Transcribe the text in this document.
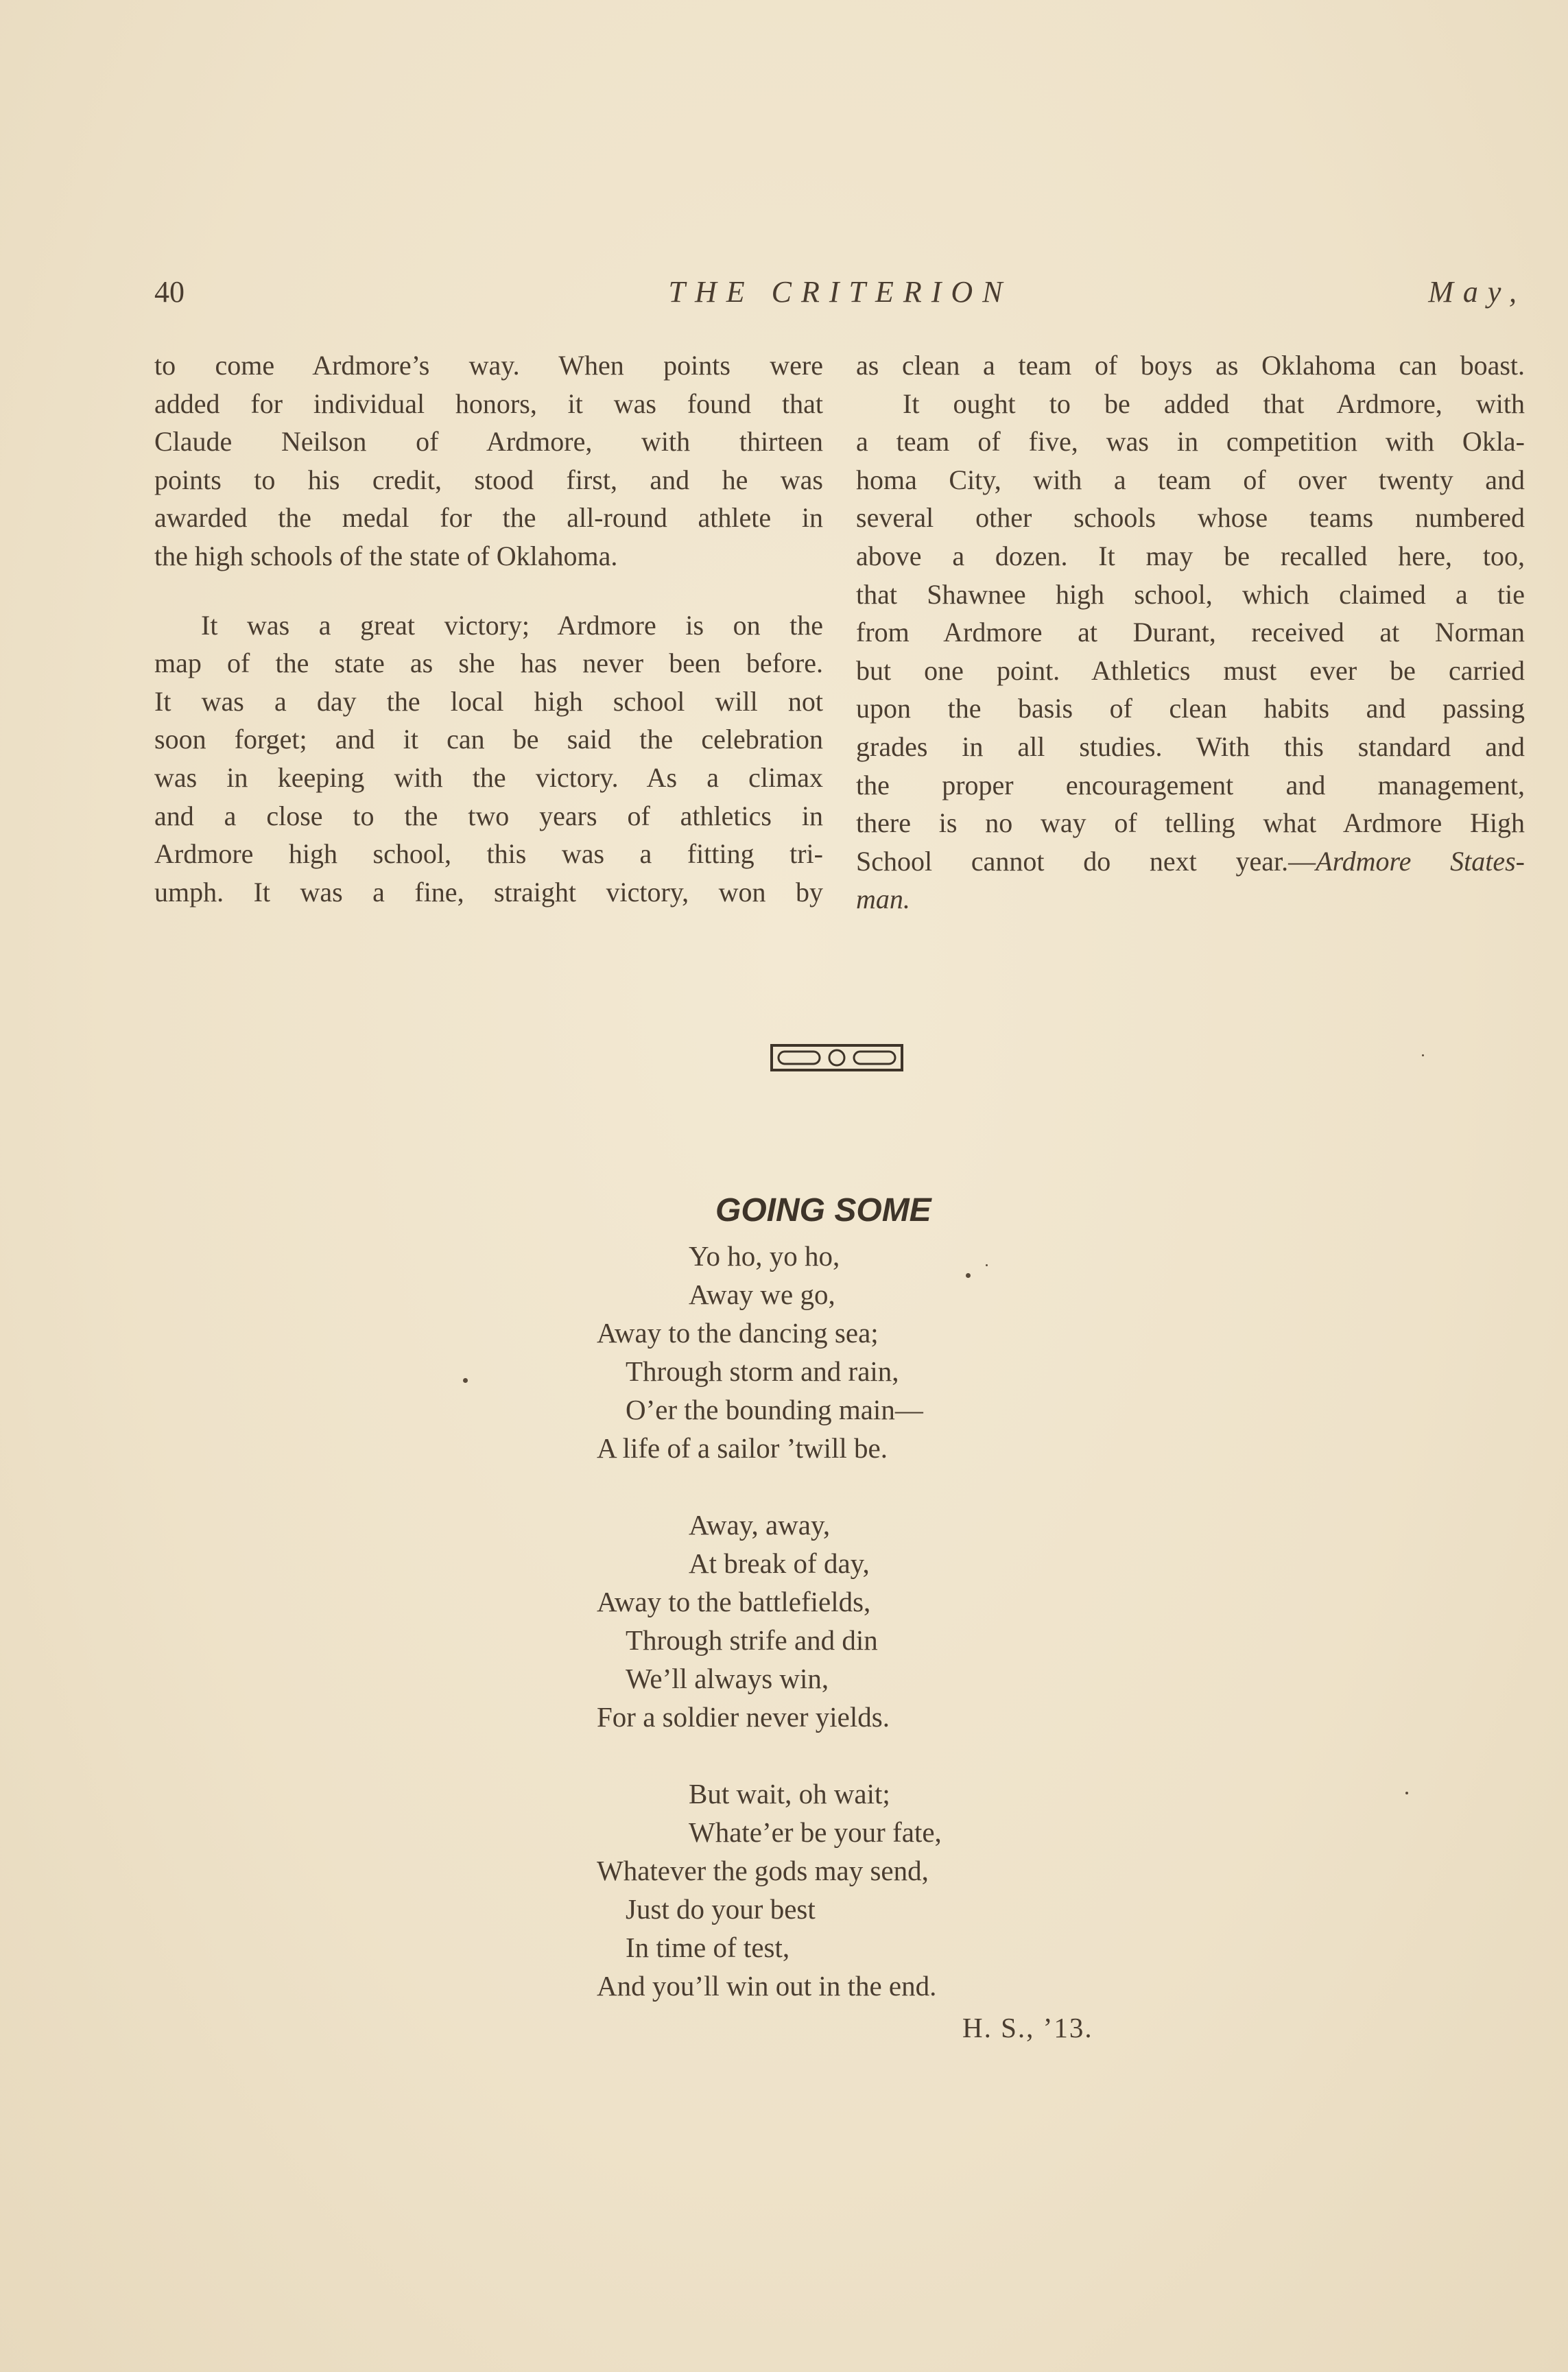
40	THE CRITERION	May,
to come Ardmore’s way. When points were
added for individual honors, it was found that
Claude Neilson of Ardmore, with thirteen
points to his credit, stood first, and he was
awarded the medal for the all-round athlete in
the high schools of the state of Oklahoma.
It was a great victory; Ardmore is on the
map of the state as she has never been before.
It was a day the local high school will not
soon forget; and it can be said the celebration
was in keeping with the victory. As a climax
and a close to the two years of athletics in
Ardmore high school, this was a fitting tri-
umph. It was a fine, straight victory, won by
as clean a team of boys as Oklahoma can boast.
It ought to be added that Ardmore, with
a team of five, was in competition with Okla-
homa City, with a team of over twenty and
several other schools whose teams numbered
above a dozen. It may be recalled here, too,
that Shawnee high school, which claimed a tie
from Ardmore at Durant, received at Norman
but one point. Athletics must ever be carried
upon the basis of clean habits and passing
grades in all studies. With this standard and
the proper encouragement and management,
there is no way of telling what Ardmore High
School cannot do next year.—Ardmore States-
man.
GOING SOME
Yo ho, yo ho,
Away we go,
Away to the dancing sea;
Through storm and rain,
O’er the bounding main—
A life of a sailor ’twill be.
Away, away,
At break of day,
Away to the battlefields,
Through strife and din
We’ll always win,
For a soldier never yields.
But wait, oh wait;
Whate’er be your fate,
Whatever the gods may send,
Just do your best
In time of test,
And you’ll win out in the end.
H. S., ’13.
